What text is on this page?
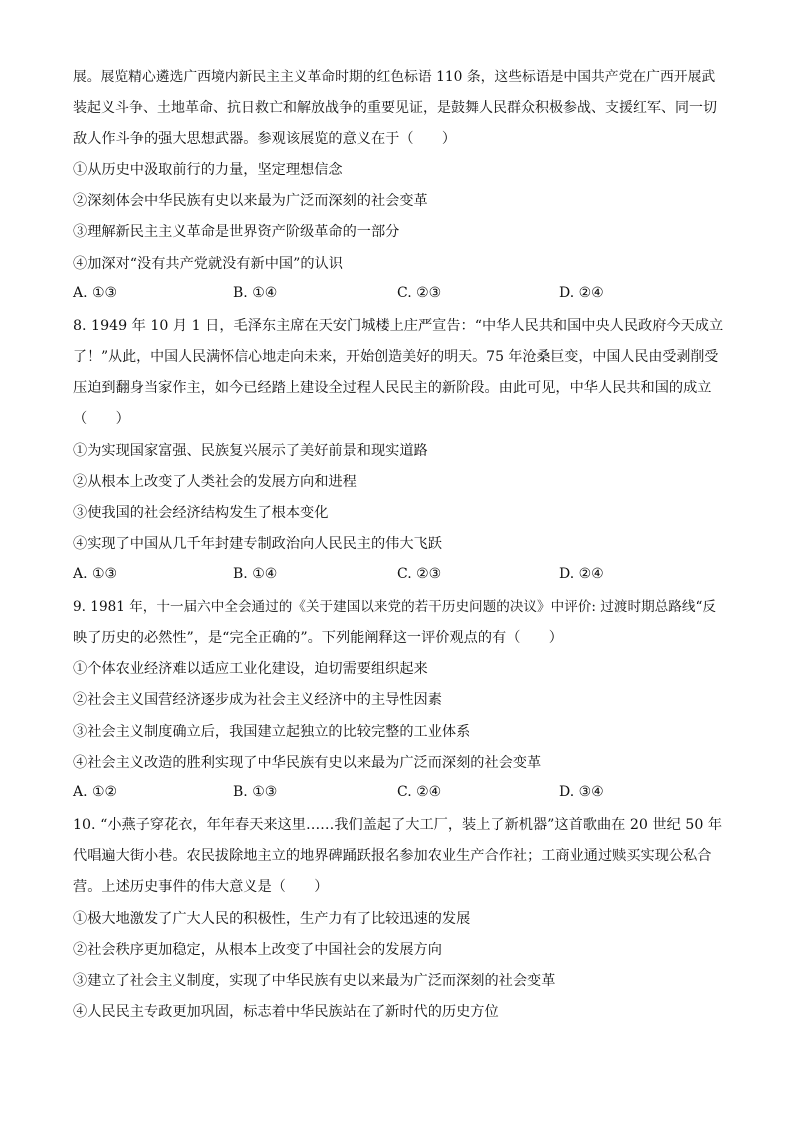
展。展览精心遴选广西境内新民主主义革命时期的红色标语 110 条，这些标语是中国共产党在广西开展武
装起义斗争、土地革命、抗日救亡和解放战争的重要见证，是鼓舞人民群众积极参战、支援红军、同一切
敌人作斗争的强大思想武器。参观该展览的意义在于（　　）
①从历史中汲取前行的力量，坚定理想信念
②深刻体会中华民族有史以来最为广泛而深刻的社会变革
③理解新民主主义革命是世界资产阶级革命的一部分
④加深对“没有共产党就没有新中国”的认识
A. ①③	B. ①④	C. ②③	D. ②④
8. 1949 年 10 月 1 日，毛泽东主席在天安门城楼上庄严宣告：“中华人民共和国中央人民政府今天成立
了！”从此，中国人民满怀信心地走向未来，开始创造美好的明天。75 年沧桑巨变，中国人民由受剥削受
压迫到翻身当家作主，如今已经踏上建设全过程人民民主的新阶段。由此可见，中华人民共和国的成立
（　　）
①为实现国家富强、民族复兴展示了美好前景和现实道路
②从根本上改变了人类社会的发展方向和进程
③使我国的社会经济结构发生了根本变化
④实现了中国从几千年封建专制政治向人民民主的伟大飞跃
A. ①③	B. ①④	C. ②③	D. ②④
9. 1981 年，十一届六中全会通过的《关于建国以来党的若干历史问题的决议》中评价: 过渡时期总路线“反
映了历史的必然性”，是“完全正确的”。下列能阐释这一评价观点的有（　　）
①个体农业经济难以适应工业化建设，迫切需要组织起来
②社会主义国营经济逐步成为社会主义经济中的主导性因素
③社会主义制度确立后，我国建立起独立的比较完整的工业体系
④社会主义改造的胜利实现了中华民族有史以来最为广泛而深刻的社会变革
A. ①②	B. ①③	C. ②④	D. ③④
10. “小燕子穿花衣，年年春天来这里……我们盖起了大工厂，装上了新机器”这首歌曲在 20 世纪 50 年
代唱遍大街小巷。农民拔除地主立的地界碑踊跃报名参加农业生产合作社；工商业通过赎买实现公私合
营。上述历史事件的伟大意义是（　　）
①极大地激发了广大人民的积极性，生产力有了比较迅速的发展
②社会秩序更加稳定，从根本上改变了中国社会的发展方向
③建立了社会主义制度，实现了中华民族有史以来最为广泛而深刻的社会变革
④人民民主专政更加巩固，标志着中华民族站在了新时代的历史方位
